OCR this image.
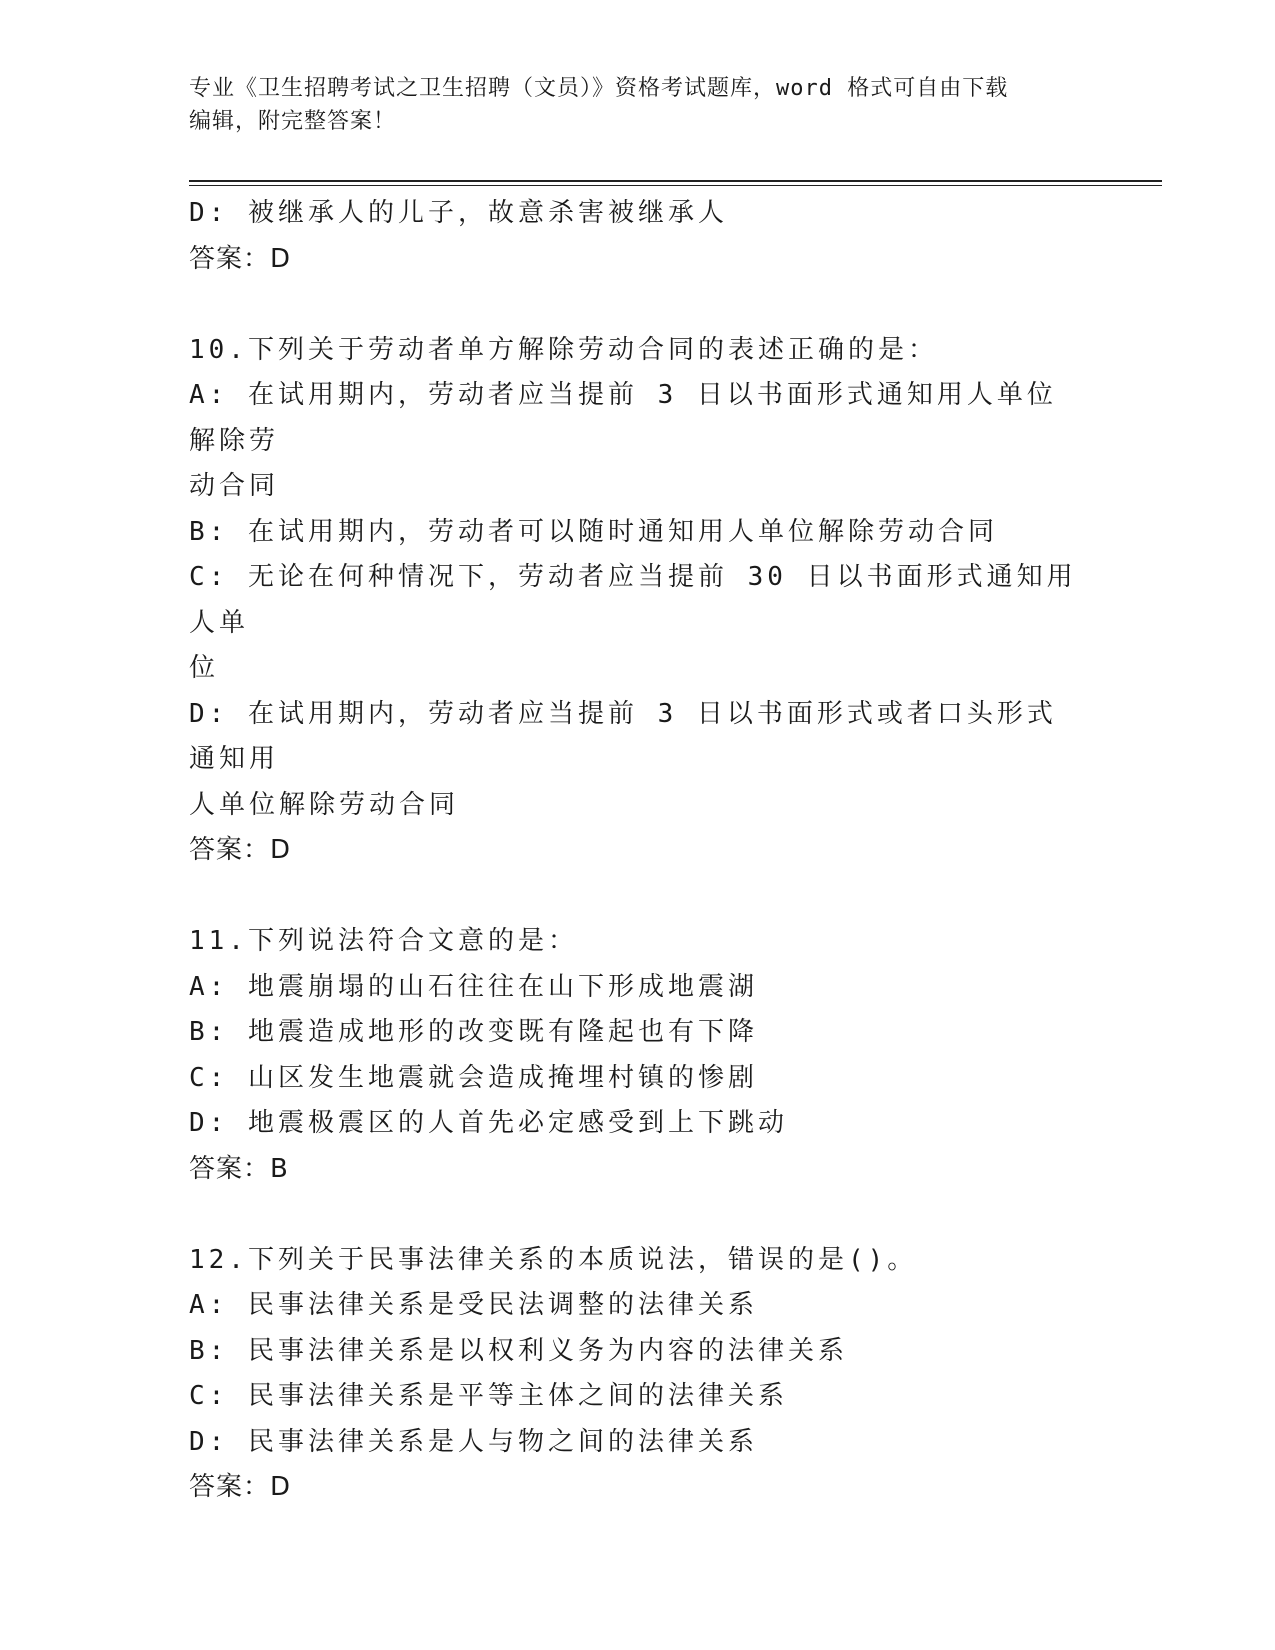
专业《卫生招聘考试之卫生招聘（文员）》资格考试题库，word 格式可自由下载
编辑，附完整答案！
D: 被继承人的儿子，故意杀害被继承人
答案：D
10.下列关于劳动者单方解除劳动合同的表述正确的是：
A: 在试用期内，劳动者应当提前 3 日以书面形式通知用人单位解除劳
动合同
B: 在试用期内，劳动者可以随时通知用人单位解除劳动合同
C: 无论在何种情况下，劳动者应当提前 30 日以书面形式通知用人单
位
D: 在试用期内，劳动者应当提前 3 日以书面形式或者口头形式通知用
人单位解除劳动合同
答案：D
11.下列说法符合文意的是：
A: 地震崩塌的山石往往在山下形成地震湖
B: 地震造成地形的改变既有隆起也有下降
C: 山区发生地震就会造成掩埋村镇的惨剧
D: 地震极震区的人首先必定感受到上下跳动
答案：B
12.下列关于民事法律关系的本质说法，错误的是()。
A: 民事法律关系是受民法调整的法律关系
B: 民事法律关系是以权利义务为内容的法律关系
C: 民事法律关系是平等主体之间的法律关系
D: 民事法律关系是人与物之间的法律关系
答案：D
